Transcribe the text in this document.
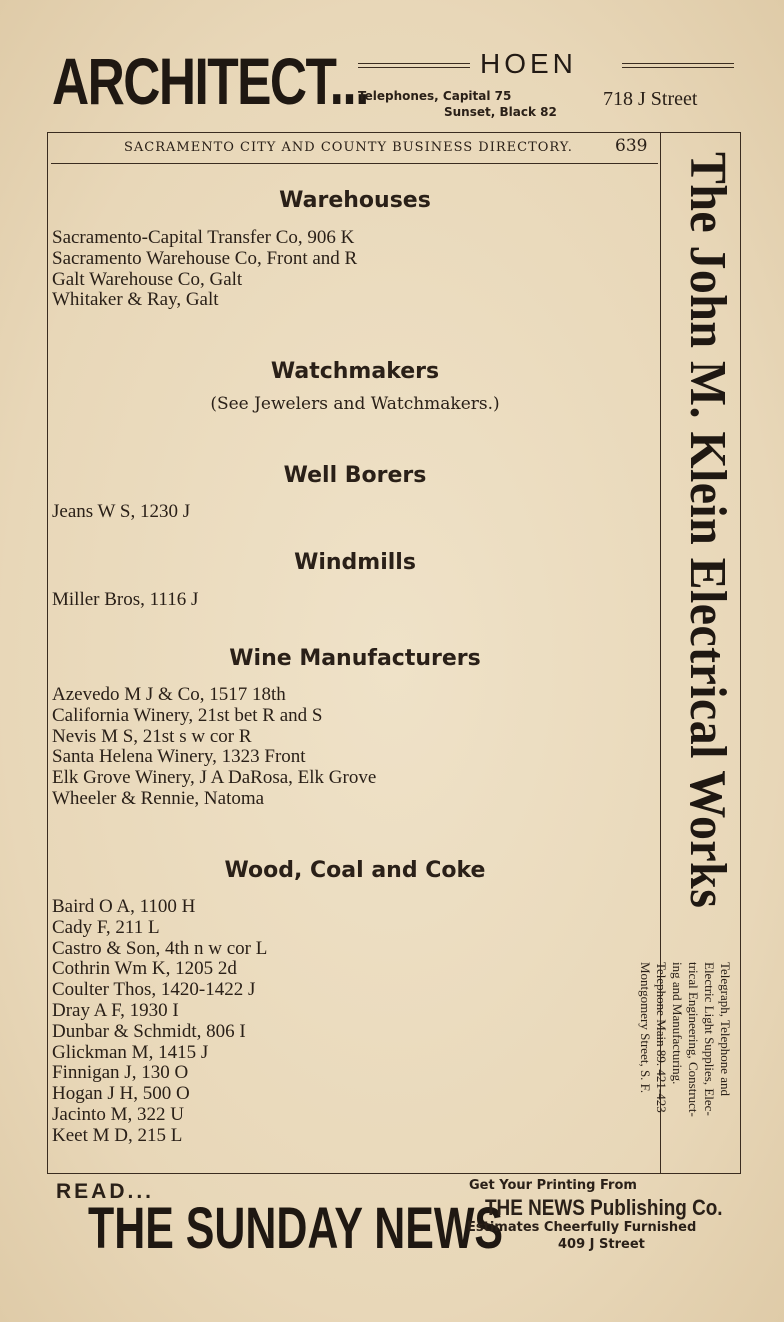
ARCHITECT...	HOEN
Telephones, Capital 75
Sunset, Black 82
718 J Street
SACRAMENTO CITY AND COUNTY BUSINESS DIRECTORY. 639
Warehouses
Sacramento-Capital Transfer Co, 906 K
Sacramento Warehouse Co, Front and R
Galt Warehouse Co, Galt
Whitaker & Ray, Galt
Watchmakers
(See Jewelers and Watchmakers.)
Well Borers
Jeans W S, 1230 J
Windmills
Miller Bros, 1116 J
Wine Manufacturers
Azevedo M J & Co, 1517 18th
California Winery, 21st bet R and S
Nevis M S, 21st s w cor R
Santa Helena Winery, 1323 Front
Elk Grove Winery, J A DaRosa, Elk Grove
Wheeler & Rennie, Natoma
Wood, Coal and Coke
Baird O A, 1100 H
Cady F, 211 L
Castro & Son, 4th n w cor L
Cothrin Wm K, 1205 2d
Coulter Thos, 1420-1422 J
Dray A F, 1930 I
Dunbar & Schmidt, 806 I
Glickman M, 1415 J
Finnigan J, 130 O
Hogan J H, 500 O
Jacinto M, 322 U
Keet M D, 215 L
The John M. Klein Electrical Works
Telegraph, Telephone and
Electric Light Supplies, Elec-
trical Engineering, Construct-
ing and Manufacturing.
Telephone Main 89. 421-423
Montgomery Street, S. F.
READ...
THE SUNDAY NEWS
Get Your Printing From
THE NEWS Publishing Co.
Estimates Cheerfully Furnished
409 J Street
